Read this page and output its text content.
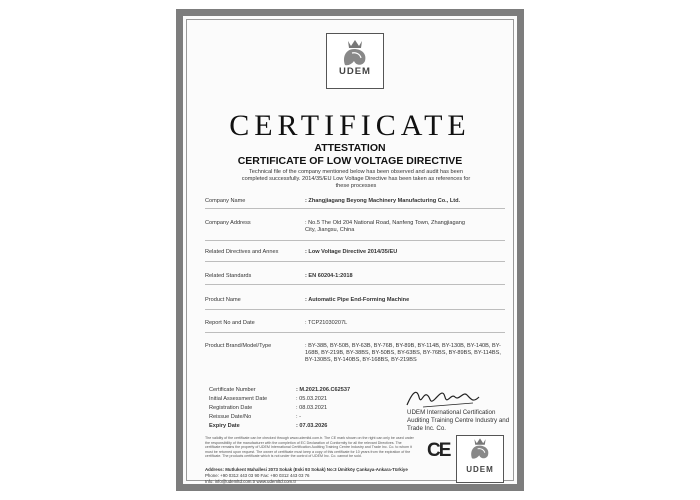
UDEM
CERTIFICATE
ATTESTATION
CERTIFICATE OF LOW VOLTAGE DIRECTIVE
Technical file of the company mentioned below has been observed and audit has been completed successfully. 2014/35/EU Low Voltage Directive has been taken as references for these processes
Company Name	: Zhangjiagang Beyong Machinery Manufacturing Co., Ltd.
Company Address	: No.5 The Old 204 National Road, Nanfeng Town, Zhangjiagang City, Jiangsu, China
Related Directives and Annex	: Low Voltage Directive 2014/35/EU
Related Standards	: EN 60204-1:2018
Product Name	: Automatic Pipe End-Forming Machine
Report No and Date	: TCP21030207L
Product Brand/Model/Type	: BY-38B, BY-50B, BY-63B, BY-76B, BY-89B, BY-114B, BY-130B, BY-140B, BY-168B, BY-219B, BY-38BS, BY-50BS, BY-63BS, BY-76BS, BY-89BS, BY-114BS, BY-130BS, BY-140BS, BY-168BS, BY-219BS
Certificate Number	: M.2021.206.C62537
Initial Assessment Date	: 05.03.2021
Registration Date	: 08.03.2021
Reissue Date/No	: -
Expiry Date	: 07.03.2026
UDEM International Certification Auditing Training Centre Industry and Trade Inc. Co.
The validity of the certificate can be checked through www.udemltd.com.tr. The CE mark shown on the right can only be used under the responsibility of the manufacturer with the completion of EC Declaration of Conformity for all the relevant Directives. The certificate remains the property of UDEM International Certification Auditing Training Centre Industry and Trade Inc. Co. to whom it must be returned upon request. The owner of certificate must keep a copy of this certificate for 10 years from the expiration of the certificate. The products certificate which is not under the control of UDEM Inc. Co. cannot be sold.
Address: Mutlukent Mahallesi 2073 Sokak (Eski 93 Sokak) No:3 Ümitköy Çankaya-Ankara-Türkiye
Phone: +90 0312 443 03 90 Fax: +90 0312 443 03 76
Info: info@udemltd.com.tr www.udemltd.com.tr
CE
UDEM
